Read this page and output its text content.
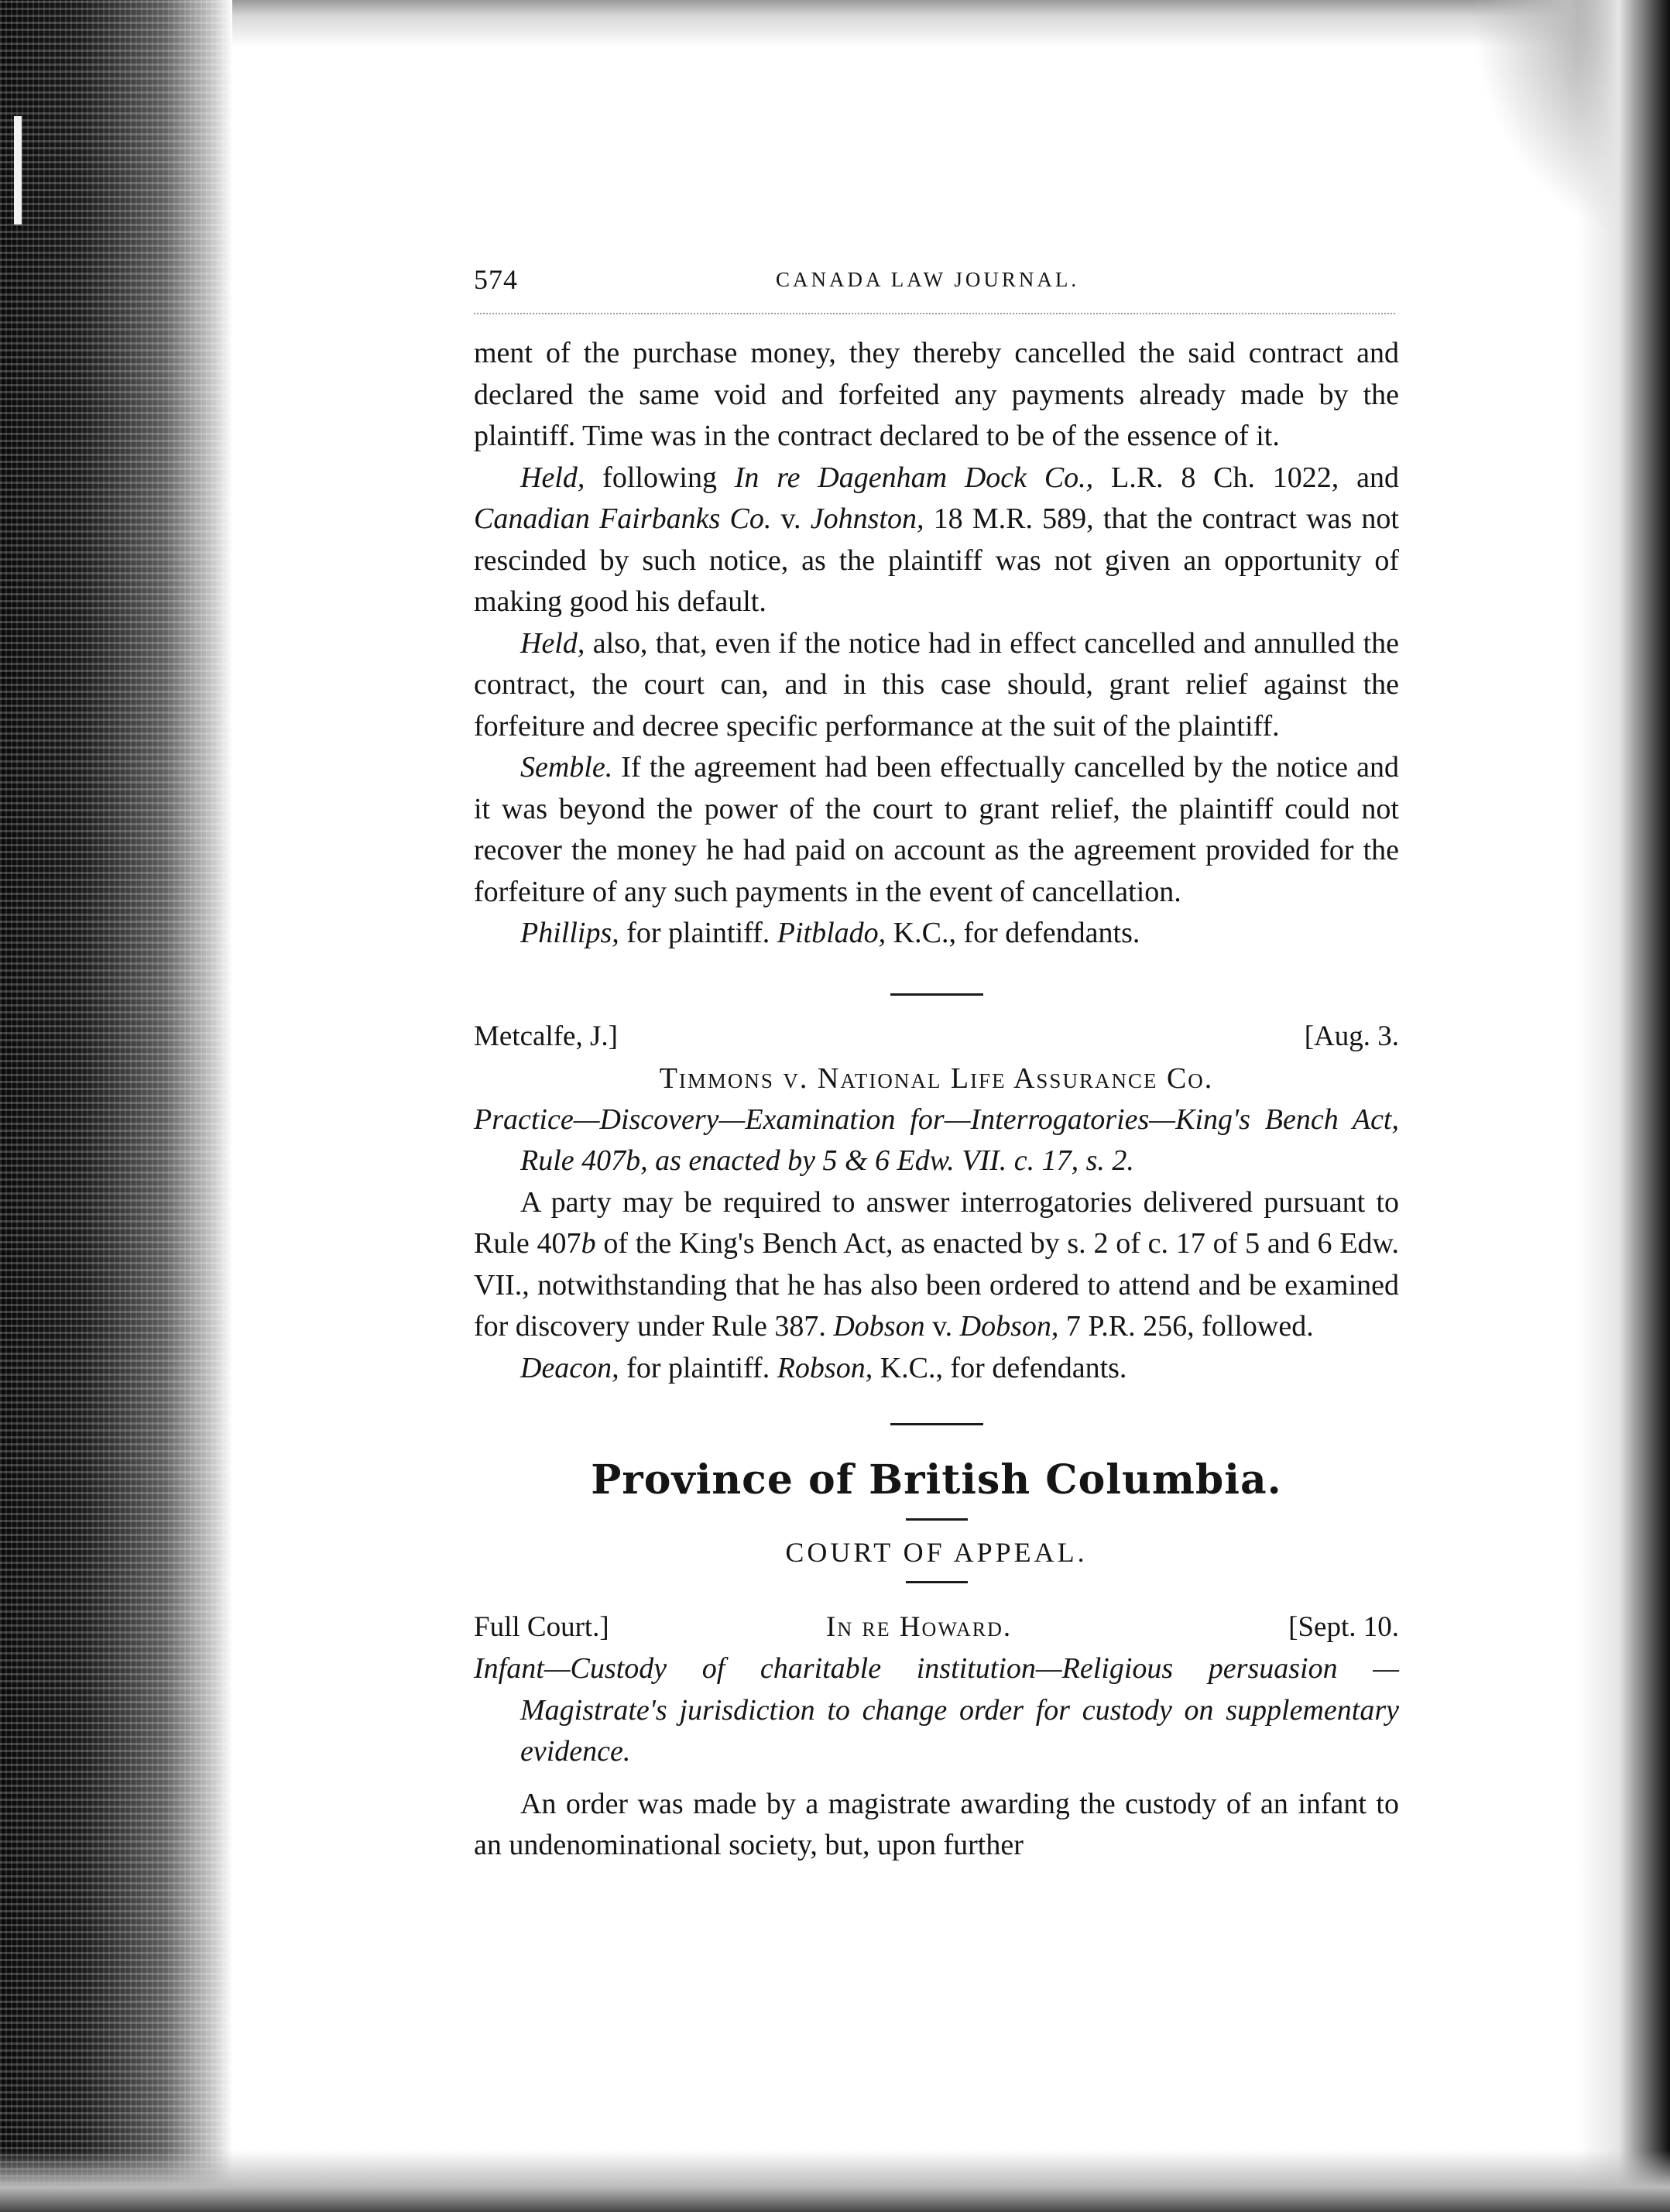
574	CANADA LAW JOURNAL.

ment of the purchase money, they thereby cancelled the said contract and declared the same void and forfeited any payments already made by the plaintiff. Time was in the contract declared to be of the essence of it.

Held, following In re Dagenham Dock Co., L.R. 8 Ch. 1022, and Canadian Fairbanks Co. v. Johnston, 18 M.R. 589, that the contract was not rescinded by such notice, as the plaintiff was not given an opportunity of making good his default.

Held, also, that, even if the notice had in effect cancelled and annulled the contract, the court can, and in this case should, grant relief against the forfeiture and decree specific performance at the suit of the plaintiff.

Semble. If the agreement had been effectually cancelled by the notice and it was beyond the power of the court to grant relief, the plaintiff could not recover the money he had paid on account as the agreement provided for the forfeiture of any such payments in the event of cancellation.

Phillips, for plaintiff. Pitblado, K.C., for defendants.

Metcalfe, J.]	[Aug. 3.
Timmons v. National Life Assurance Co.
Practice—Discovery—Examination for—Interrogatories—King's Bench Act, Rule 407b, as enacted by 5 & 6 Edw. VII. c. 17, s. 2.

A party may be required to answer interrogatories delivered pursuant to Rule 407b of the King's Bench Act, as enacted by s. 2 of c. 17 of 5 and 6 Edw. VII., notwithstanding that he has also been ordered to attend and be examined for discovery under Rule 387. Dobson v. Dobson, 7 P.R. 256, followed.

Deacon, for plaintiff. Robson, K.C., for defendants.

Province of British Columbia.
COURT OF APPEAL.
Full Court.]	In re Howard.	[Sept. 10.
Infant—Custody of charitable institution—Religious persuasion —Magistrate's jurisdiction to change order for custody on supplementary evidence.

An order was made by a magistrate awarding the custody of an infant to an undenominational society, but, upon further
